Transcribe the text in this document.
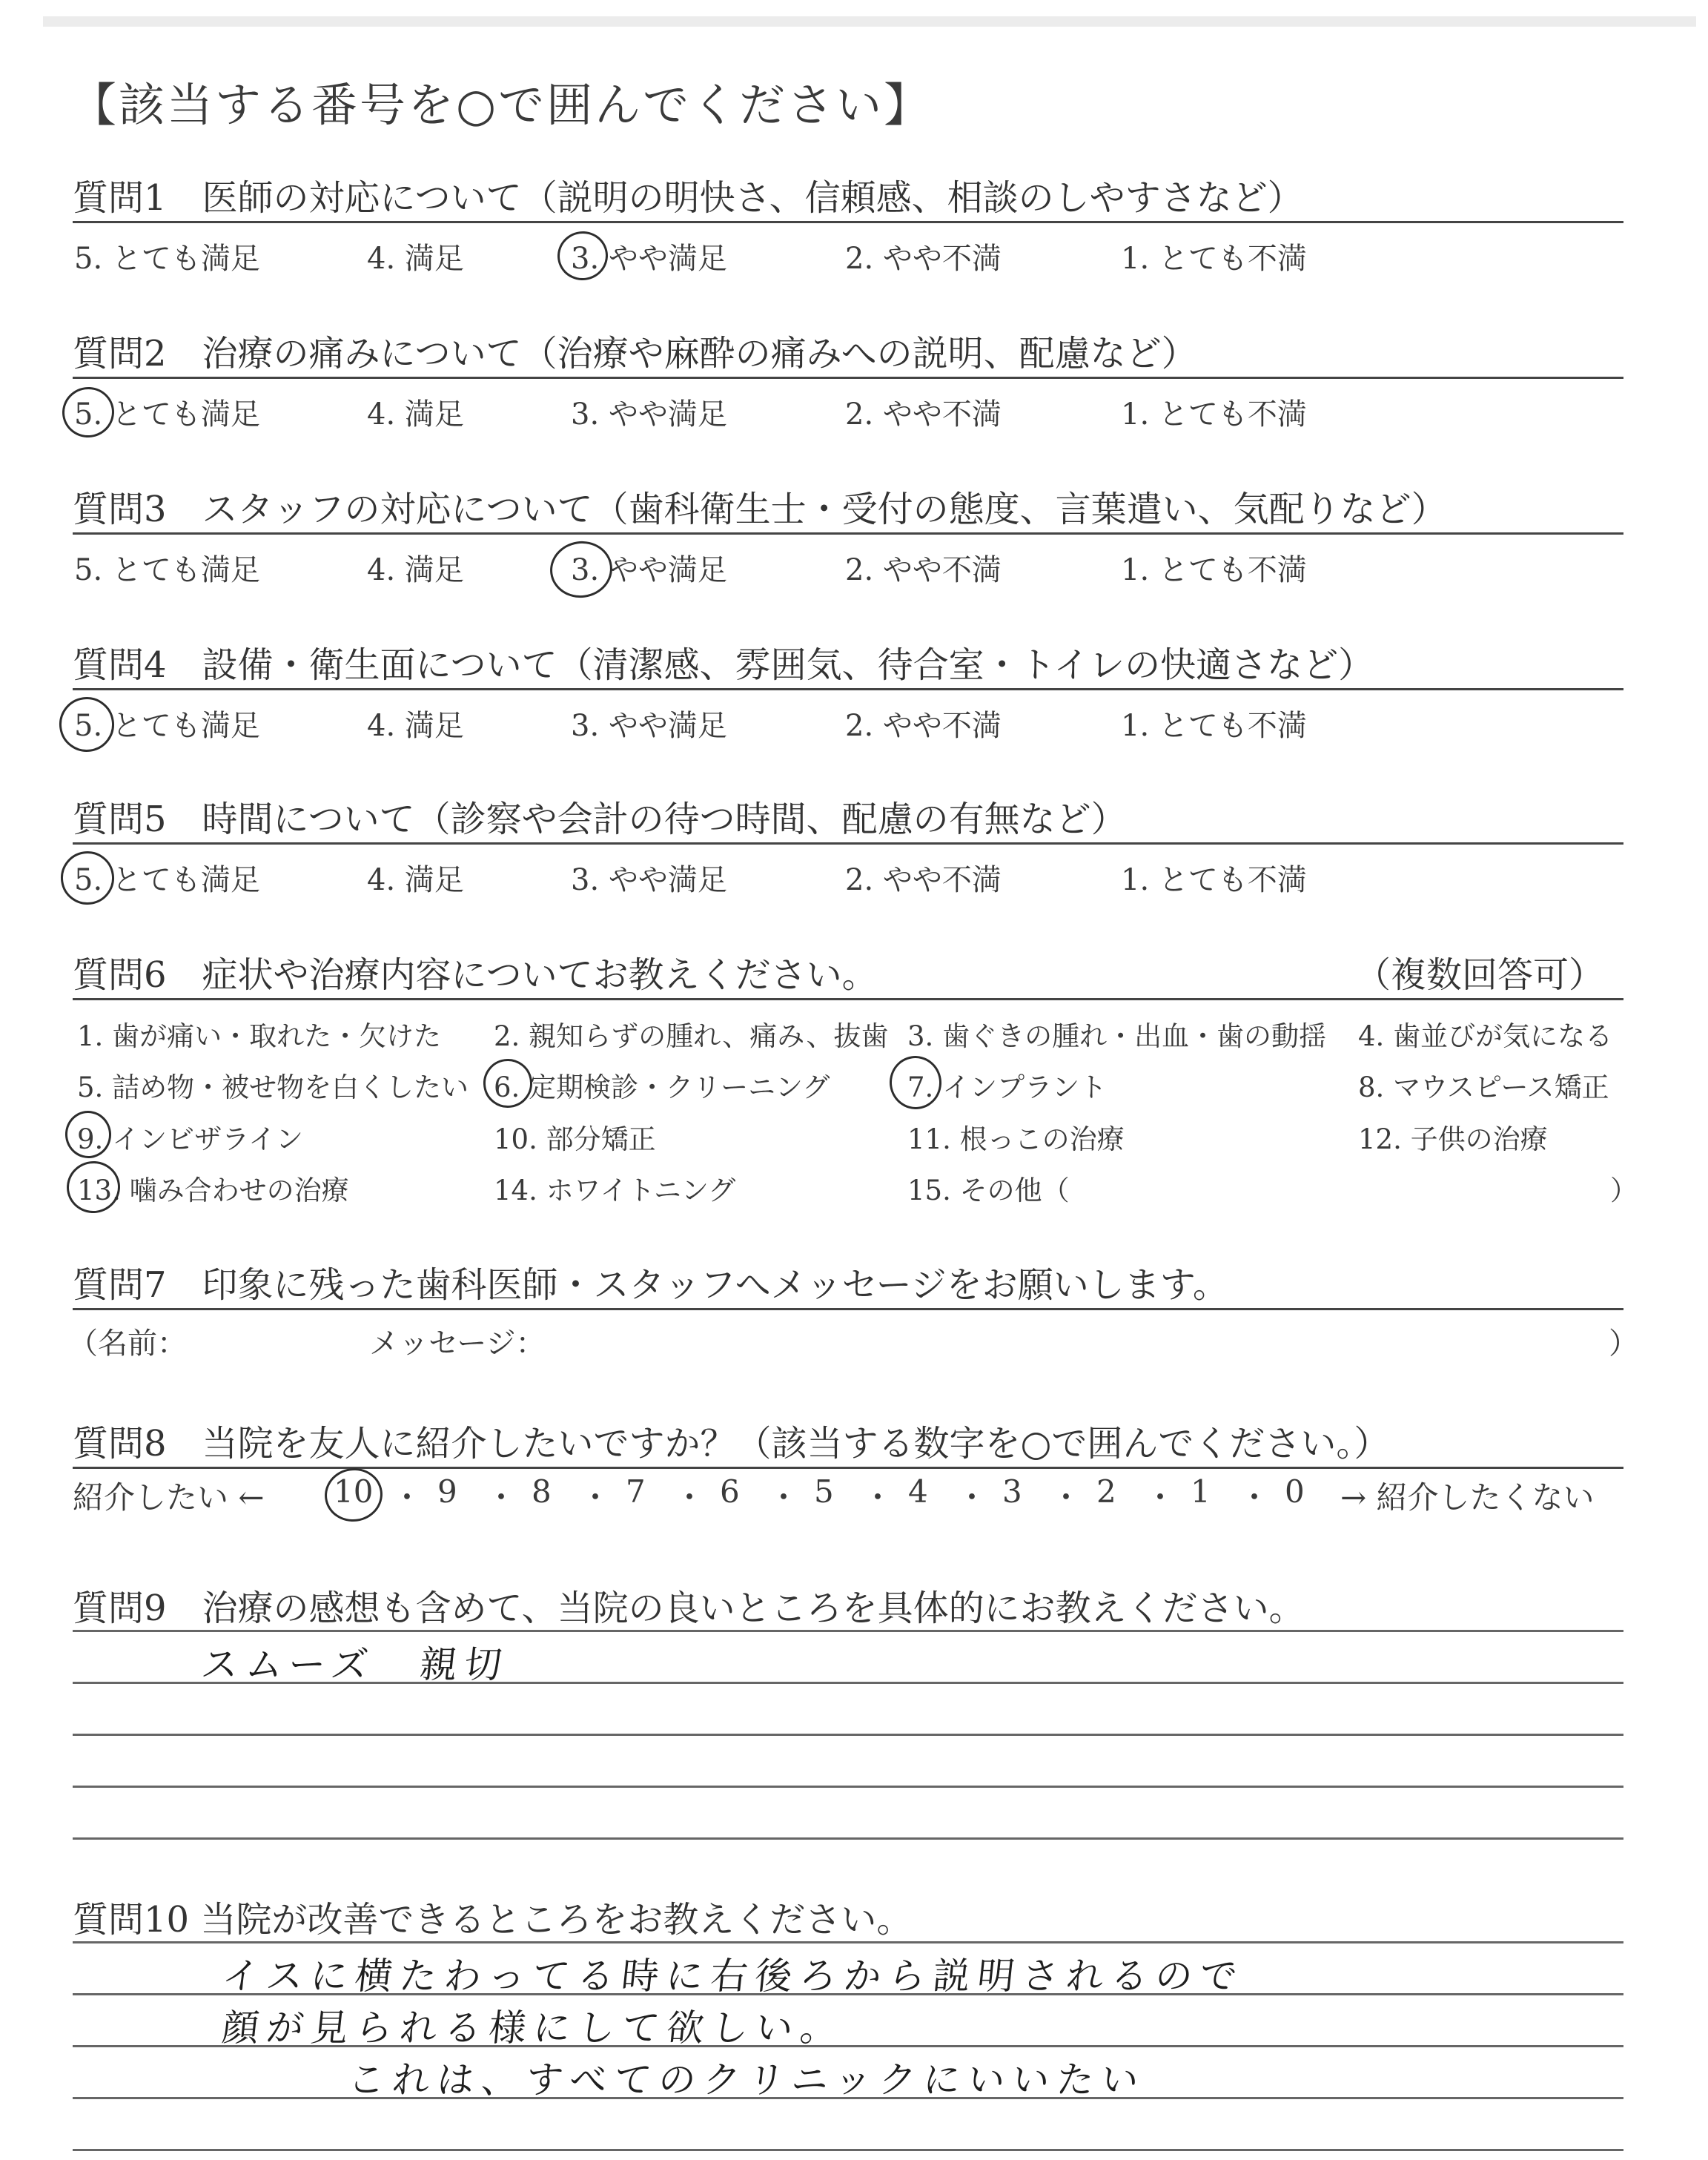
【該当する番号を○で囲んでください】
質問1　医師の対応について（説明の明快さ、信頼感、相談のしやすさなど）
5. とても満足	4. 満足	3. やや満足	2. やや不満	1. とても不満
質問2　治療の痛みについて（治療や麻酔の痛みへの説明、配慮など）
5. とても満足	4. 満足	3. やや満足	2. やや不満	1. とても不満
質問3　スタッフの対応について（歯科衛生士・受付の態度、言葉遣い、気配りなど）
5. とても満足	4. 満足	3. やや満足	2. やや不満	1. とても不満
質問4　設備・衛生面について（清潔感、雰囲気、待合室・トイレの快適さなど）
5. とても満足	4. 満足	3. やや満足	2. やや不満	1. とても不満
質問5　時間について（診察や会計の待つ時間、配慮の有無など）
5. とても満足	4. 満足	3. やや満足	2. やや不満	1. とても不満
質問6　症状や治療内容についてお教えください。	（複数回答可）
1. 歯が痛い・取れた・欠けた 2. 親知らずの腫れ、痛み、抜歯 3. 歯ぐきの腫れ・出血・歯の動揺 4. 歯並びが気になる
5. 詰め物・被せ物を白くしたい 6. 定期検診・クリーニング	7. インプラント	8. マウスピース矯正
9. インビザライン	10. 部分矯正	11. 根っこの治療	12. 子供の治療
13. 噛み合わせの治療	14. ホワイトニング	15. その他（	）
質問7　印象に残った歯科医師・スタッフへメッセージをお願いします。
（名前：	メッセージ：	）
質問8　当院を友人に紹介したいですか？（該当する数字を○で囲んでください。）
紹介したい ←	→ 紹介したくない
10 ・ 9 ・ 8 ・ 7 ・ 6 ・ 5 ・ 4 ・ 3 ・ 2 ・ 1 ・ 0
質問9　治療の感想も含めて、当院の良いところを具体的にお教えください。
スムーズ　親切
質問10 当院が改善できるところをお教えください。
イスに横たわってる時に右後ろから説明されるので
顔が見られる様にして欲しい。
これは、すべてのクリニックにいいたい
